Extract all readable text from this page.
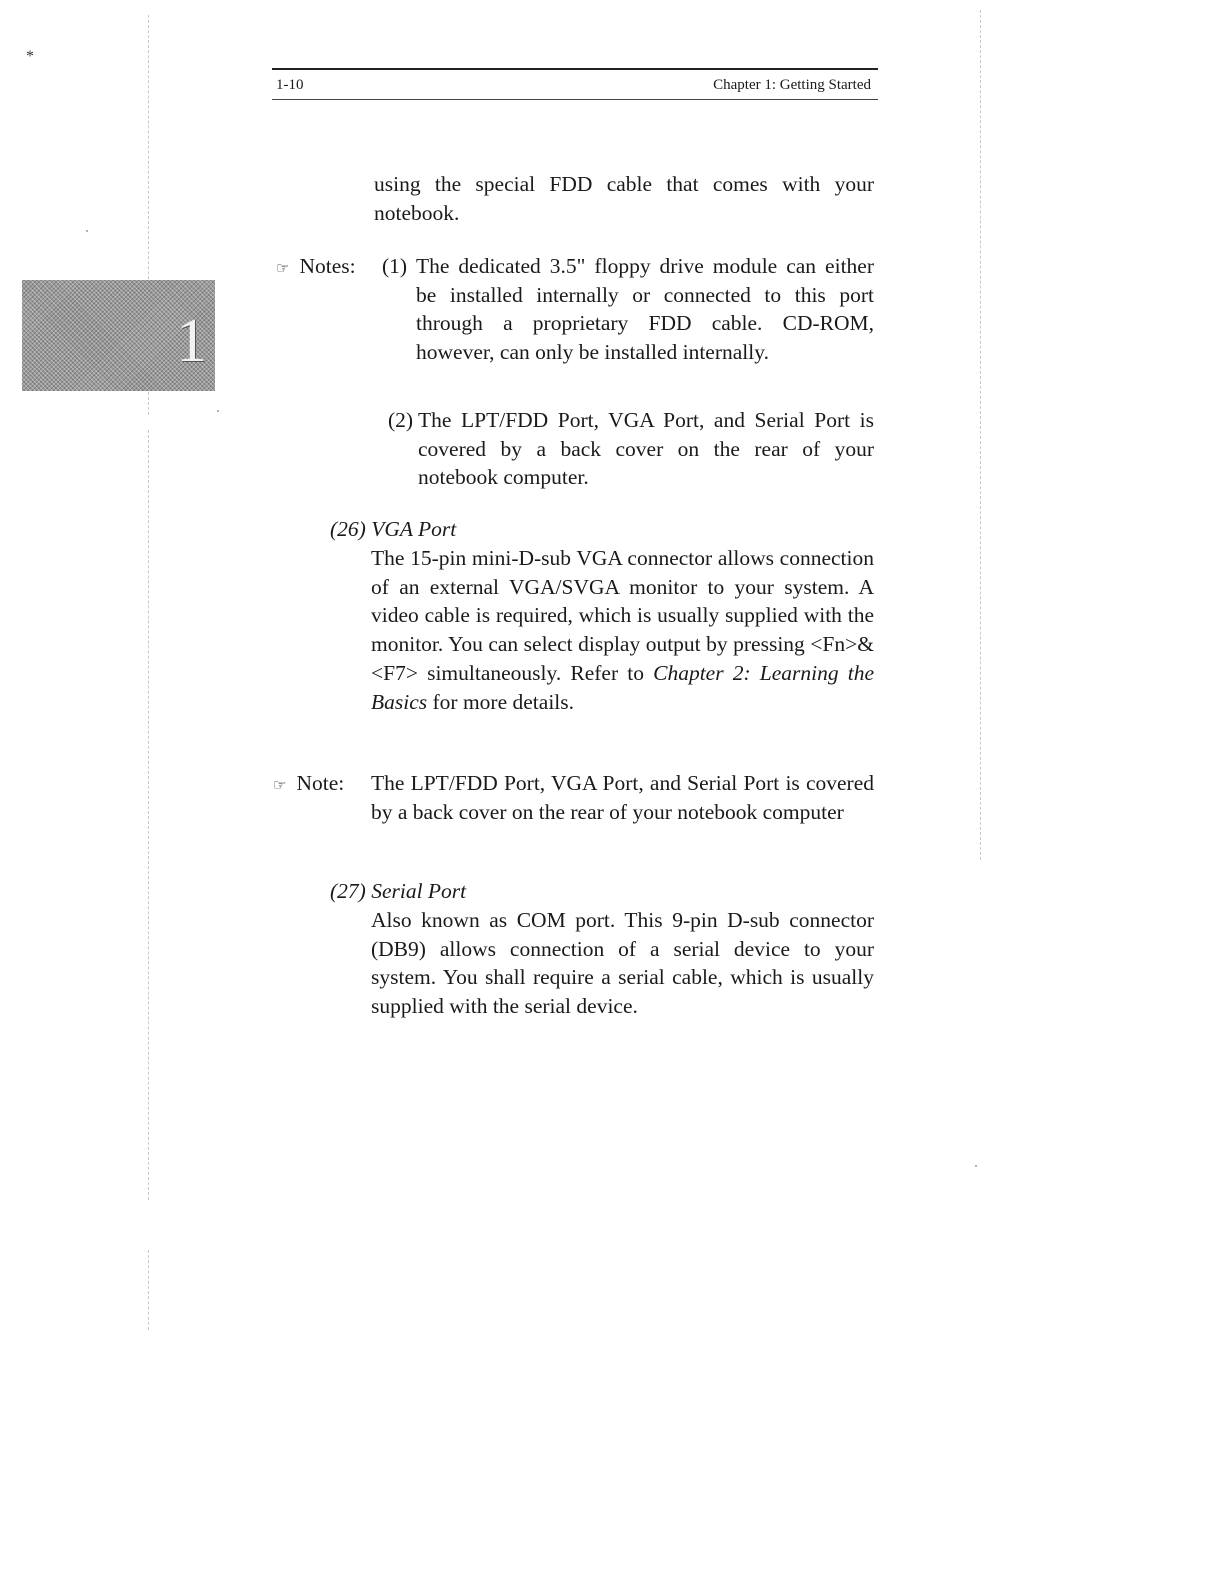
*
1
1-10	Chapter 1: Getting Started
using the special FDD cable that comes with your notebook.
☞ Notes: (1) The dedicated 3.5" floppy drive module can either be installed internally or connected to this port through a proprietary FDD cable. CD-ROM, however, can only be installed internally.
(2) The LPT/FDD Port, VGA Port, and Serial Port is covered by a back cover on the rear of your notebook computer.
(26) VGA Port
The 15-pin mini-D-sub VGA connector allows connection of an external VGA/SVGA monitor to your system. A video cable is required, which is usually supplied with the monitor. You can select display output by pressing <Fn>& <F7> simultaneously. Refer to Chapter 2: Learning the Basics for more details.
☞ Note: The LPT/FDD Port, VGA Port, and Serial Port is covered by a back cover on the rear of your notebook computer
(27) Serial Port
Also known as COM port. This 9-pin D-sub connector (DB9) allows connection of a serial device to your system. You shall require a serial cable, which is usually supplied with the serial device.
